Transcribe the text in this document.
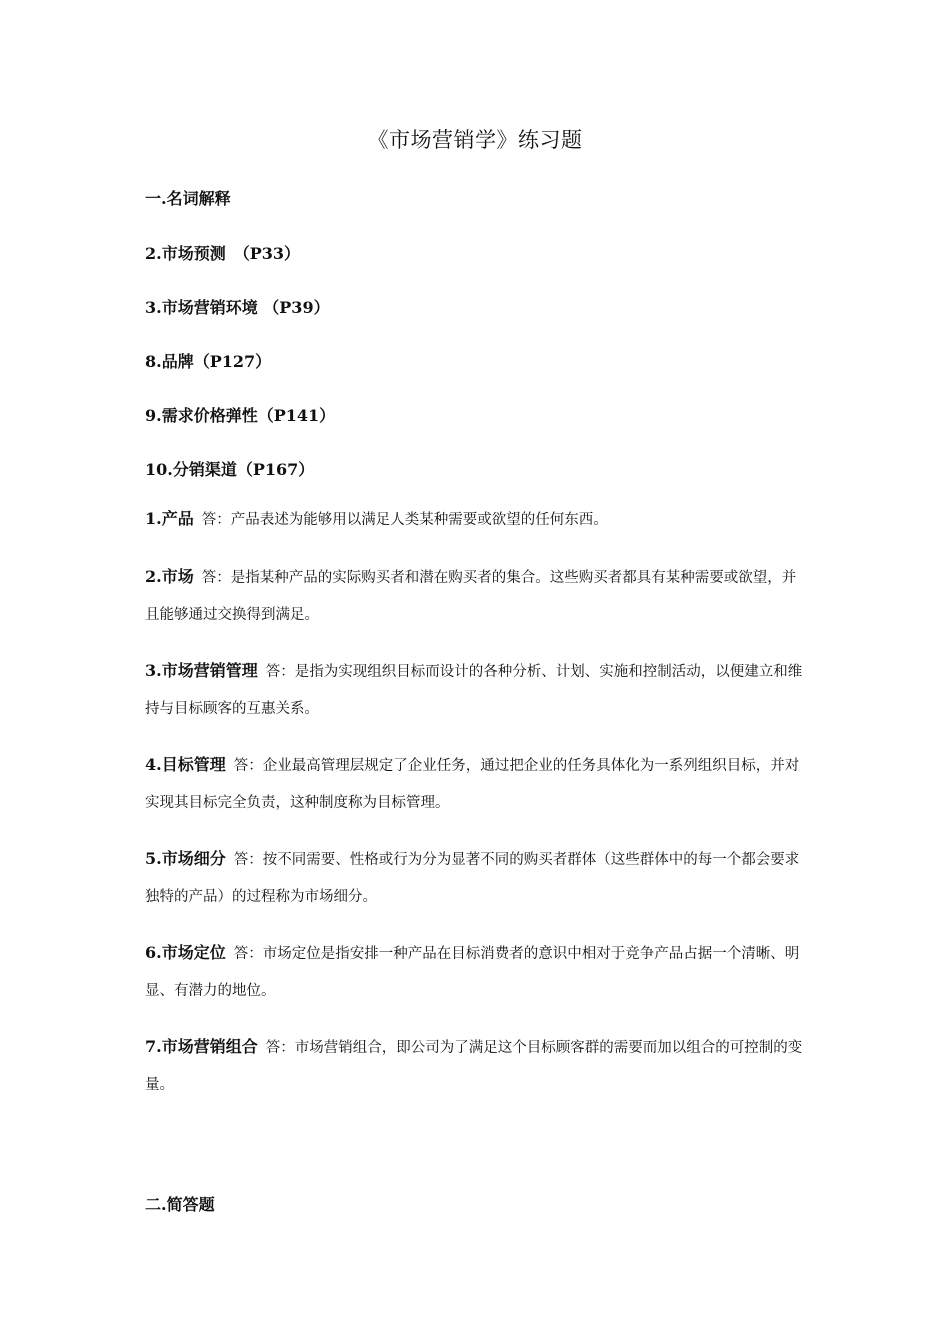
《市场营销学》练习题
一.名词解释
2.市场预测　（P33）
3.市场营销环境 （P39）
8.品牌（P127）
9.需求价格弹性（P141）
10.分销渠道（P167）
1.产品 答：产品表述为能够用以满足人类某种需要或欲望的任何东西。
2.市场 答：是指某种产品的实际购买者和潜在购买者的集合。这些购买者都具有某种需要或欲望，并且能够通过交换得到满足。
3.市场营销管理 答：是指为实现组织目标而设计的各种分析、计划、实施和控制活动，以便建立和维持与目标顾客的互惠关系。
4.目标管理 答：企业最高管理层规定了企业任务，通过把企业的任务具体化为一系列组织目标，并对实现其目标完全负责，这种制度称为目标管理。
5.市场细分 答：按不同需要、性格或行为分为显著不同的购买者群体（这些群体中的每一个都会要求独特的产品）的过程称为市场细分。
6.市场定位 答：市场定位是指安排一种产品在目标消费者的意识中相对于竞争产品占据一个清晰、明显、有潜力的地位。
7.市场营销组合 答：市场营销组合，即公司为了满足这个目标顾客群的需要而加以组合的可控制的变量。
二.简答题
